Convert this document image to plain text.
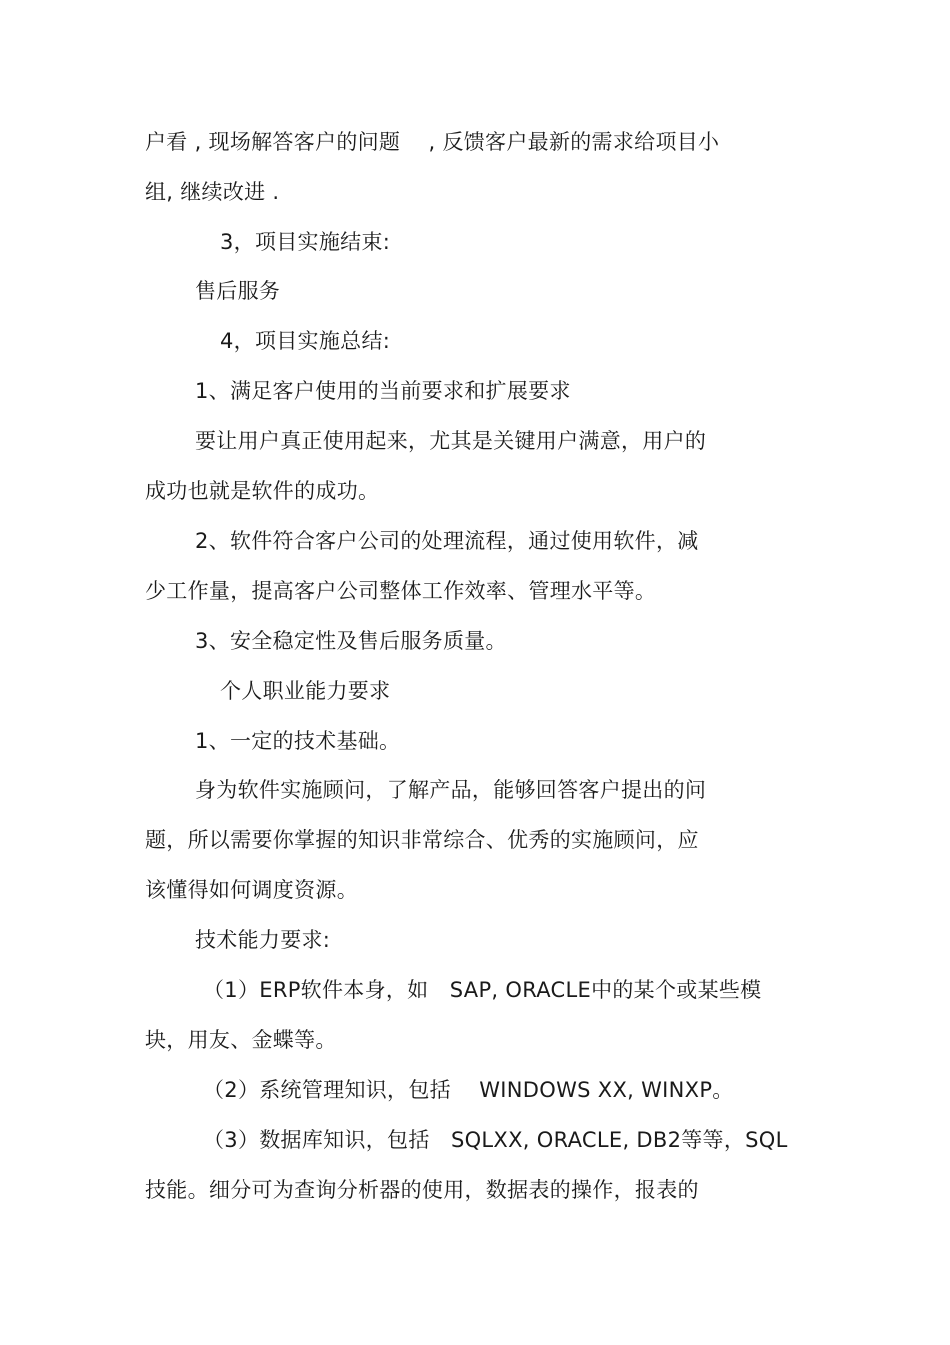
户看 , 现场解答客户的问题　 , 反馈客户最新的需求给项目小
组, 继续改进 .
3，项目实施结束:
售后服务
4，项目实施总结:
1、满足客户使用的当前要求和扩展要求
要让用户真正使用起来，尤其是关键用户满意，用户的
成功也就是软件的成功。
2、软件符合客户公司的处理流程，通过使用软件，减
少工作量，提高客户公司整体工作效率、管理水平等。
3、安全稳定性及售后服务质量。
个人职业能力要求
1、一定的技术基础。
身为软件实施顾问，了解产品，能够回答客户提出的问
题，所以需要你掌握的知识非常综合、优秀的实施顾问，应
该懂得如何调度资源。
技术能力要求:
（1）ERP软件本身，如　SAP, ORACLE中的某个或某些模
块，用友、金蝶等。
（2）系统管理知识，包括　 WINDOWS XX, WINXP。
（3）数据库知识，包括　SQLXX, ORACLE, DB2等等，SQL
技能。细分可为查询分析器的使用，数据表的操作，报表的
